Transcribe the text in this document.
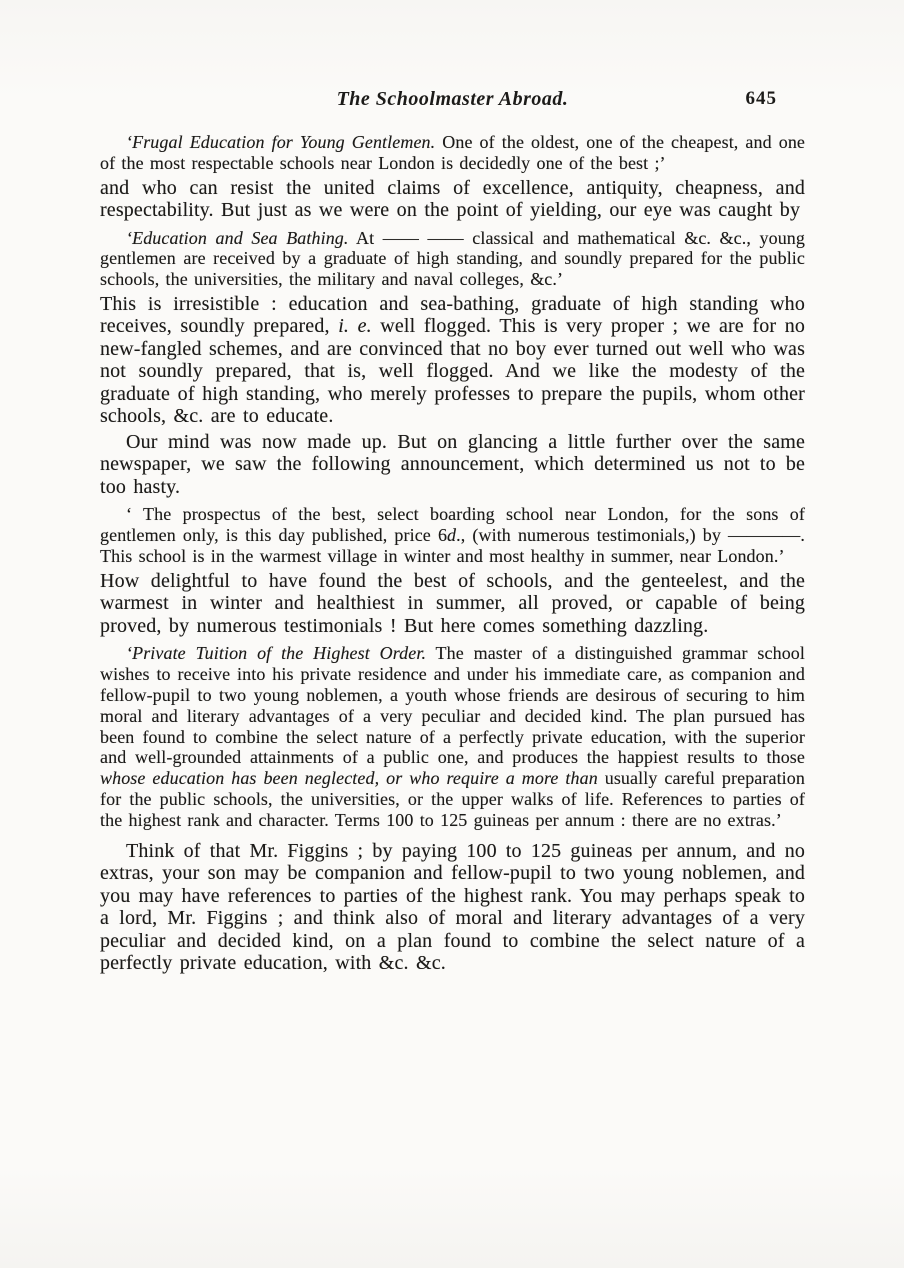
The Schoolmaster Abroad.	645

‘Frugal Education for Young Gentlemen. One of the oldest, one of the cheapest, and one of the most respectable schools near London is decidedly one of the best ;’

and who can resist the united claims of excellence, antiquity, cheapness, and respectability. But just as we were on the point of yielding, our eye was caught by

‘Education and Sea Bathing. At —— —— classical and mathematical &c. &c., young gentlemen are received by a graduate of high standing, and soundly prepared for the public schools, the universities, the military and naval colleges, &c.’

This is irresistible : education and sea-bathing, graduate of high standing who receives, soundly prepared, i. e. well flogged. This is very proper ; we are for no new-fangled schemes, and are convinced that no boy ever turned out well who was not soundly prepared, that is, well flogged. And we like the modesty of the graduate of high standing, who merely professes to prepare the pupils, whom other schools, &c. are to educate.

Our mind was now made up. But on glancing a little further over the same newspaper, we saw the following announcement, which determined us not to be too hasty.

‘ The prospectus of the best, select boarding school near London, for the sons of gentlemen only, is this day published, price 6d., (with numerous testimonials,) by ————. This school is in the warmest village in winter and most healthy in summer, near London.’

How delightful to have found the best of schools, and the genteelest, and the warmest in winter and healthiest in summer, all proved, or capable of being proved, by numerous testimonials ! But here comes something dazzling.

‘Private Tuition of the Highest Order. The master of a distinguished grammar school wishes to receive into his private residence and under his immediate care, as companion and fellow-pupil to two young noblemen, a youth whose friends are desirous of securing to him moral and literary advantages of a very peculiar and decided kind. The plan pursued has been found to combine the select nature of a perfectly private education, with the superior and well-grounded attainments of a public one, and produces the happiest results to those whose education has been neglected, or who require a more than usually careful preparation for the public schools, the universities, or the upper walks of life. References to parties of the highest rank and character. Terms 100 to 125 guineas per annum : there are no extras.’

Think of that Mr. Figgins ; by paying 100 to 125 guineas per annum, and no extras, your son may be companion and fellow-pupil to two young noblemen, and you may have references to parties of the highest rank. You may perhaps speak to a lord, Mr. Figgins ; and think also of moral and literary advantages of a very peculiar and decided kind, on a plan found to combine the select nature of a perfectly private education, with &c. &c.
